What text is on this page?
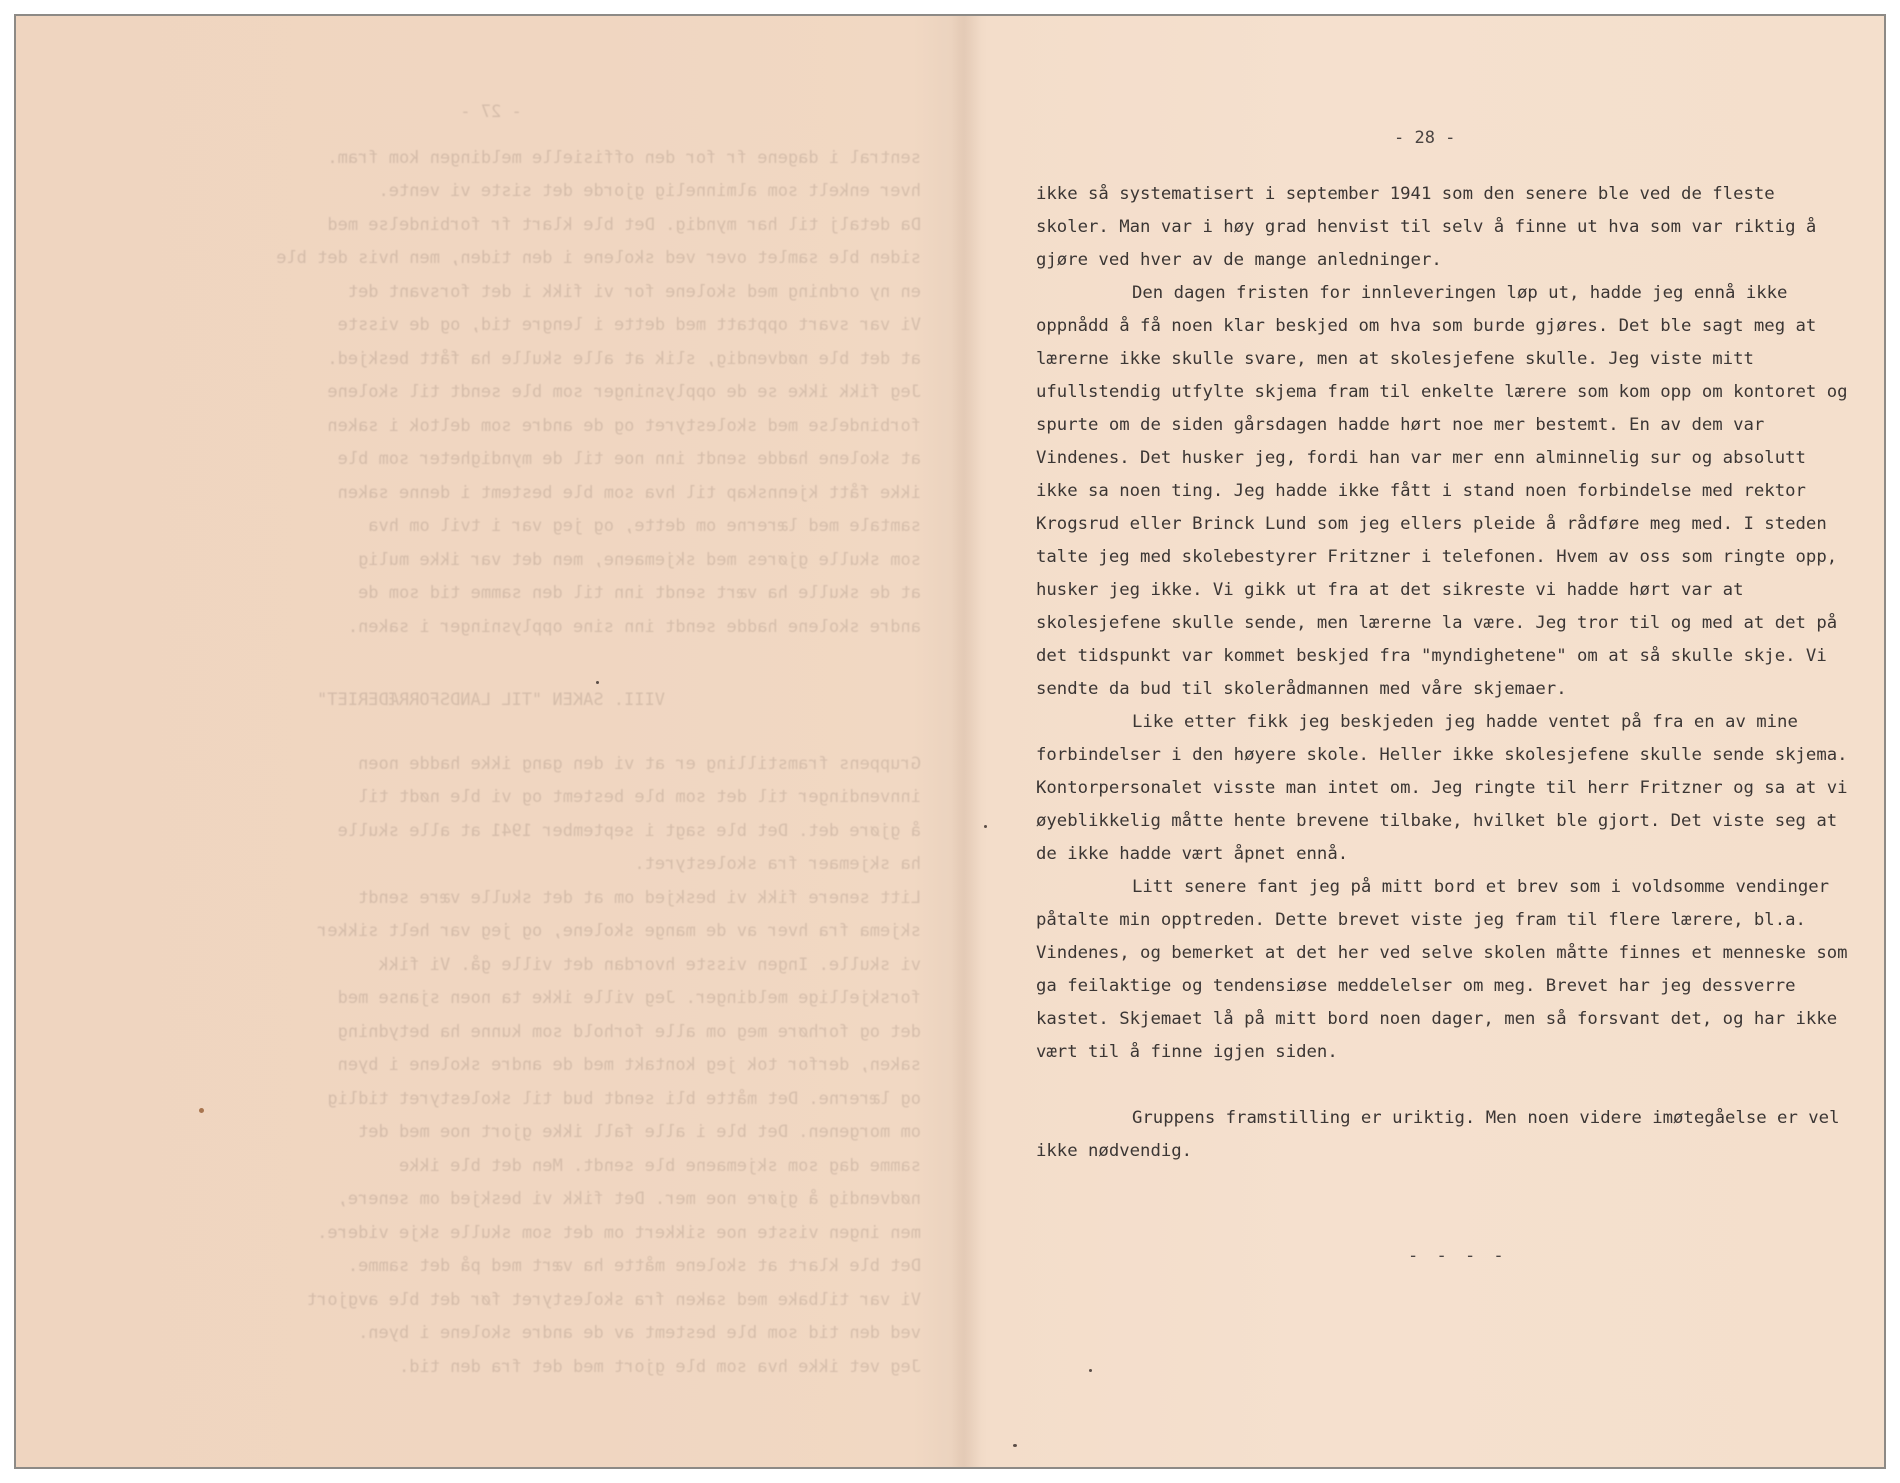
- 27 -
sentral i dagene fr for den offisielle meldingen kom fram.
hver enkelt som alminnelig gjorde det siste vi vente.
Da detalj til har myndig. Det ble klart fr forbindelse med
siden ble samlet over ved skolene i den tiden, men hvis det ble
en ny ordning med skolene for vi fikk i det forsvant det
Vi var svart opptatt med dette i lengre tid, og de visste
at det ble nødvendig, slik at alle skulle ha fått beskjed.
Jeg fikk ikke se de opplysninger som ble sendt til skolene
forbindelse med skolestyret og de andre som deltok i saken
at skolene hadde sendt inn noe til de myndigheter som ble
ikke fått kjennskap til hva som ble bestemt i denne saken
samtale med lærerne om dette, og jeg var i tvil om hva
som skulle gjøres med skjemaene, men det var ikke mulig
at de skulle ha vært sendt inn til den samme tid som de
andre skolene hadde sendt inn sine opplysninger i saken.
VIII. SAKEN "TIL LANDSFORRÆDERIET"
Gruppens framstilling er at vi den gang ikke hadde noen
innvendinger til det som ble bestemt og vi ble nødt til
å gjøre det. Det ble sagt i september 1941 at alle skulle
ha skjemaer fra skolestyret.
Litt senere fikk vi beskjed om at det skulle være sendt
skjema fra hver av de mange skolene, og jeg var helt sikker
vi skulle. Ingen visste hvordan det ville gå. Vi fikk
forskjellige meldinger. Jeg ville ikke ta noen sjanse med
det og forhøre meg om alle forhold som kunne ha betydning
saken, derfor tok jeg kontakt med de andre skolene i byen
og lærerne. Det måtte bli sendt bud til skolestyret tidlig
om morgenen. Det ble i alle fall ikke gjort noe med det
samme dag som skjemaene ble sendt. Men det ble ikke
nødvendig å gjøre noe mer. Det fikk vi beskjed om senere,
men ingen visste noe sikkert om det som skulle skje videre.
Det ble klart at skolene måtte ha vært med på det samme.
Vi var tilbake med saken fra skolestyret før det ble avgjort
ved den tid som ble bestemt av de andre skolene i byen.
Jeg vet ikke hva som ble gjort med det fra den tid.
- 28 -

ikke så systematisert i september 1941 som den senere ble ved de fleste skoler. Man var i høy grad henvist til selv å finne ut hva som var riktig å gjøre ved hver av de mange anledninger.

Den dagen fristen for innleveringen løp ut, hadde jeg ennå ikke oppnådd å få noen klar beskjed om hva som burde gjøres. Det ble sagt meg at lærerne ikke skulle svare, men at skolesjefene skulle. Jeg viste mitt ufullstendig utfylte skjema fram til enkelte lærere som kom opp om kontoret og spurte om de siden gårsdagen hadde hørt noe mer bestemt. En av dem var Vindenes. Det husker jeg, fordi han var mer enn alminnelig sur og absolutt ikke sa noen ting. Jeg hadde ikke fått i stand noen forbindelse med rektor Krogsrud eller Brinck Lund som jeg ellers pleide å rådføre meg med. I steden talte jeg med skolebestyrer Fritzner i telefonen. Hvem av oss som ringte opp, husker jeg ikke. Vi gikk ut fra at det sikreste vi hadde hørt var at skolesjefene skulle sende, men lærerne la være. Jeg tror til og med at det på det tidspunkt var kommet beskjed fra "myndighetene" om at så skulle skje. Vi sendte da bud til skolerådmannen med våre skjemaer.

Like etter fikk jeg beskjeden jeg hadde ventet på fra en av mine forbindelser i den høyere skole. Heller ikke skolesjefene skulle sende skjema. Kontorpersonalet visste man intet om. Jeg ringte til herr Fritzner og sa at vi øyeblikkelig måtte hente brevene tilbake, hvilket ble gjort. Det viste seg at de ikke hadde vært åpnet ennå.

Litt senere fant jeg på mitt bord et brev som i voldsomme vendinger påtalte min opptreden. Dette brevet viste jeg fram til flere lærere, bl.a. Vindenes, og bemerket at det her ved selve skolen måtte finnes et menneske som ga feilaktige og tendensiøse meddelelser om meg. Brevet har jeg dessverre kastet. Skjemaet lå på mitt bord noen dager, men så forsvant det, og har ikke vært til å finne igjen siden.

Gruppens framstilling er uriktig. Men noen videre imøtegåelse er vel ikke nødvendig.

- - - -
